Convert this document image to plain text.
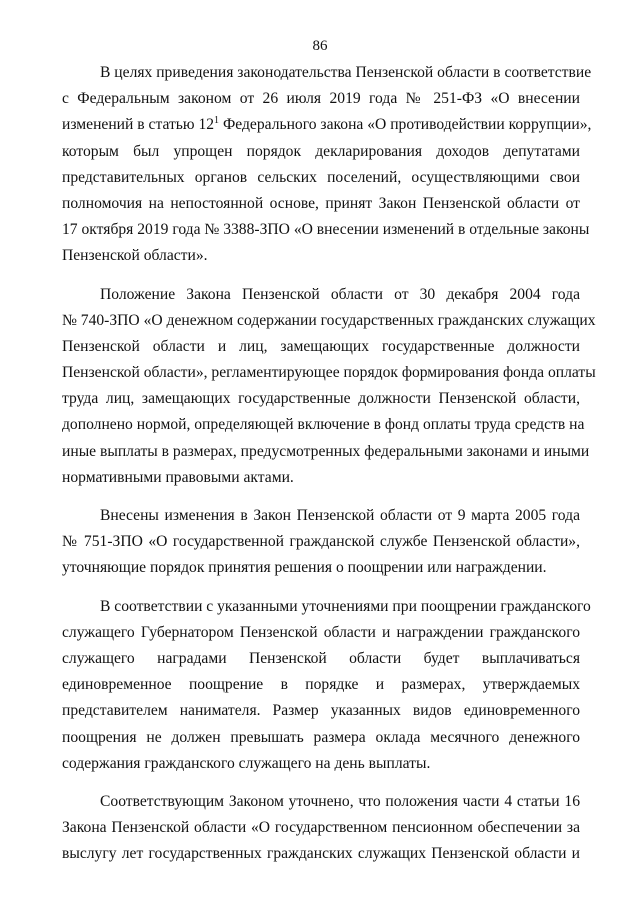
86
В целях приведения законодательства Пензенской области в соответствие
с Федеральным законом от 26 июля 2019 года № 251-ФЗ «О внесении
изменений в статью $12^1$ Федерального закона «О противодействии коррупции»,
которым был упрощен порядок декларирования доходов депутатами
представительных органов сельских поселений, осуществляющими свои
полномочия на непостоянной основе, принят Закон Пензенской области от
17 октября 2019 года № 3388-ЗПО «О внесении изменений в отдельные законы
Пензенской области».
Положение Закона Пензенской области от 30 декабря 2004 года
№ 740-ЗПО «О денежном содержании государственных гражданских служащих
Пензенской области и лиц, замещающих государственные должности
Пензенской области», регламентирующее порядок формирования фонда оплаты
труда лиц, замещающих государственные должности Пензенской области,
дополнено нормой, определяющей включение в фонд оплаты труда средств на
иные выплаты в размерах, предусмотренных федеральными законами и иными
нормативными правовыми актами.
Внесены изменения в Закон Пензенской области от 9 марта 2005 года
№ 751-ЗПО «О государственной гражданской службе Пензенской области»,
уточняющие порядок принятия решения о поощрении или награждении.
В соответствии с указанными уточнениями при поощрении гражданского
служащего Губернатором Пензенской области и награждении гражданского
служащего наградами Пензенской области будет выплачиваться
единовременное поощрение в порядке и размерах, утверждаемых
представителем нанимателя. Размер указанных видов единовременного
поощрения не должен превышать размера оклада месячного денежного
содержания гражданского служащего на день выплаты.
Соответствующим Законом уточнено, что положения части 4 статьи 16
Закона Пензенской области «О государственном пенсионном обеспечении за
выслугу лет государственных гражданских служащих Пензенской области и
